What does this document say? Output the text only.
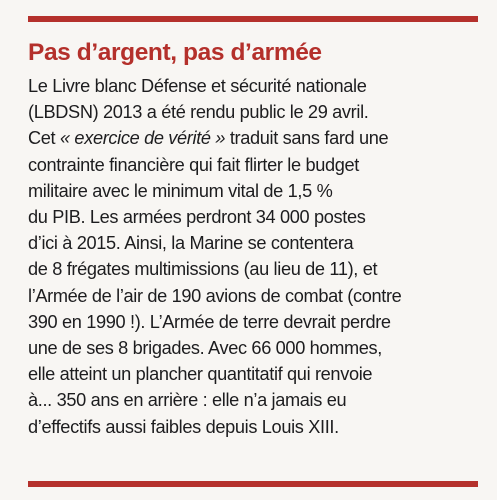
Pas d’argent, pas d’armée

Le Livre blanc Défense et sécurité nationale
(LBDSN) 2013 a été rendu public le 29 avril.
Cet « exercice de vérité » traduit sans fard une
contrainte financière qui fait flirter le budget
militaire avec le minimum vital de 1,5 %
du PIB. Les armées perdront 34 000 postes
d’ici à 2015. Ainsi, la Marine se contentera
de 8 frégates multimissions (au lieu de 11), et
l’Armée de l’air de 190 avions de combat (contre
390 en 1990 !). L’Armée de terre devrait perdre
une de ses 8 brigades. Avec 66 000 hommes,
elle atteint un plancher quantitatif qui renvoie
à... 350 ans en arrière : elle n’a jamais eu
d’effectifs aussi faibles depuis Louis XIII.
